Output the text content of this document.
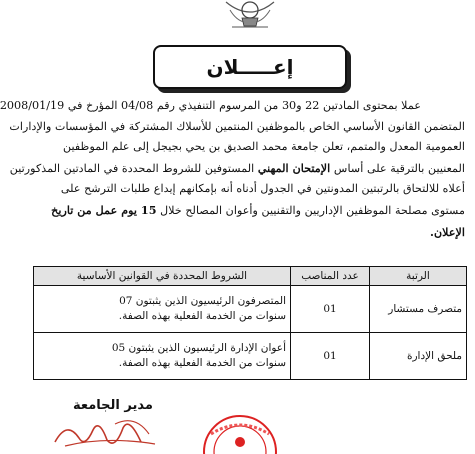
إعـــــلان
عملا بمحتوى المادتين 22 و30 من المرسوم التنفيذي رقم 04/08 المؤرخ في 2008/01/19
المتضمن القانون الأساسي الخاص بالموظفين المنتمين للأسلاك المشتركة في المؤسسات والإدارات
العمومية المعدل والمتمم، تعلن جامعة محمد الصديق بن يحي بجيجل إلى علم الموظفين
المعنيين بالترقية على أساس الإمتحان المهني المستوفين للشروط المحددة في المادتين المذكورتين
أعلاه للالتحاق بالرتبتين المدونتين في الجدول أدناه أنه بإمكانهم إيداع طلبات الترشح على
مستوى مصلحة الموظفين الإداريين والتقنيين وأعوان المصالح خلال 15 يوم عمل من تاريخ
الإعلان.
الرتبة	عدد المناصب	الشروط المحددة في القوانين الأساسية
متصرف مستشار	01	المتصرفون الرئيسيون الذين يثبتون 07
سنوات من الخدمة الفعلية بهذه الصفة.

ملحق الإدارة	01	أعوان الإدارة الرئيسيون الذين يثبتون 05
سنوات من الخدمة الفعلية بهذه الصفة.
مدير الجامعة
